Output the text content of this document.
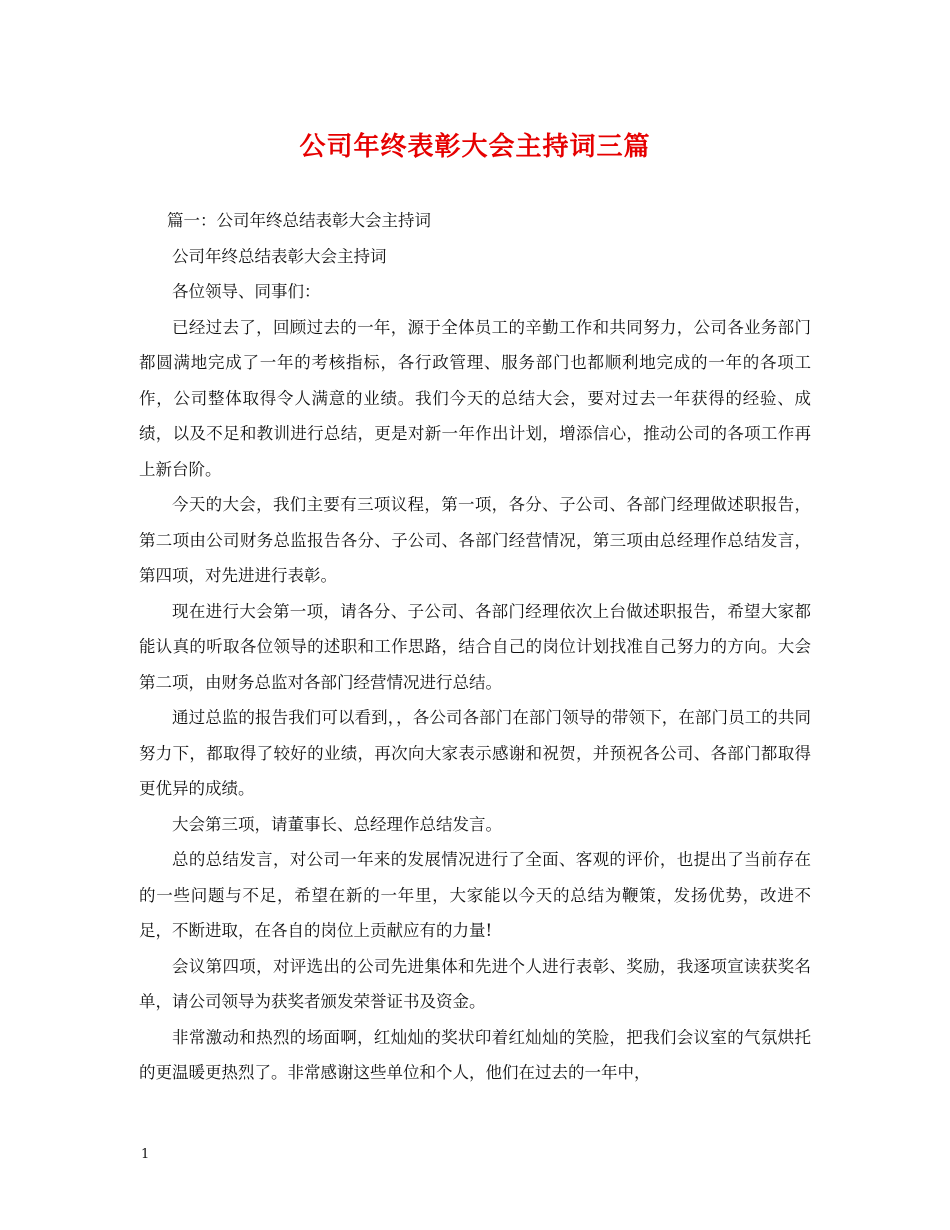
公司年终表彰大会主持词三篇

篇一：公司年终总结表彰大会主持词

公司年终总结表彰大会主持词

各位领导、同事们：

已经过去了，回顾过去的一年，源于全体员工的辛勤工作和共同努力，公司各业务部门都圆满地完成了一年的考核指标，各行政管理、服务部门也都顺利地完成的一年的各项工作，公司整体取得令人满意的业绩。我们今天的总结大会，要对过去一年获得的经验、成绩，以及不足和教训进行总结，更是对新一年作出计划，增添信心，推动公司的各项工作再上新台阶。

今天的大会，我们主要有三项议程，第一项，各分、子公司、各部门经理做述职报告，第二项由公司财务总监报告各分、子公司、各部门经营情况，第三项由总经理作总结发言，第四项，对先进进行表彰。

现在进行大会第一项，请各分、子公司、各部门经理依次上台做述职报告，希望大家都能认真的听取各位领导的述职和工作思路，结合自己的岗位计划找准自己努力的方向。大会第二项，由财务总监对各部门经营情况进行总结。

通过总监的报告我们可以看到，，各公司各部门在部门领导的带领下，在部门员工的共同努力下，都取得了较好的业绩，再次向大家表示感谢和祝贺，并预祝各公司、各部门都取得更优异的成绩。

大会第三项，请董事长、总经理作总结发言。

总的总结发言，对公司一年来的发展情况进行了全面、客观的评价，也提出了当前存在的一些问题与不足，希望在新的一年里，大家能以今天的总结为鞭策，发扬优势，改进不足，不断进取，在各自的岗位上贡献应有的力量!

会议第四项，对评选出的公司先进集体和先进个人进行表彰、奖励，我逐项宣读获奖名单，请公司领导为获奖者颁发荣誉证书及资金。

非常激动和热烈的场面啊，红灿灿的奖状印着红灿灿的笑脸，把我们会议室的气氛烘托的更温暖更热烈了。非常感谢这些单位和个人，他们在过去的一年中，

1
